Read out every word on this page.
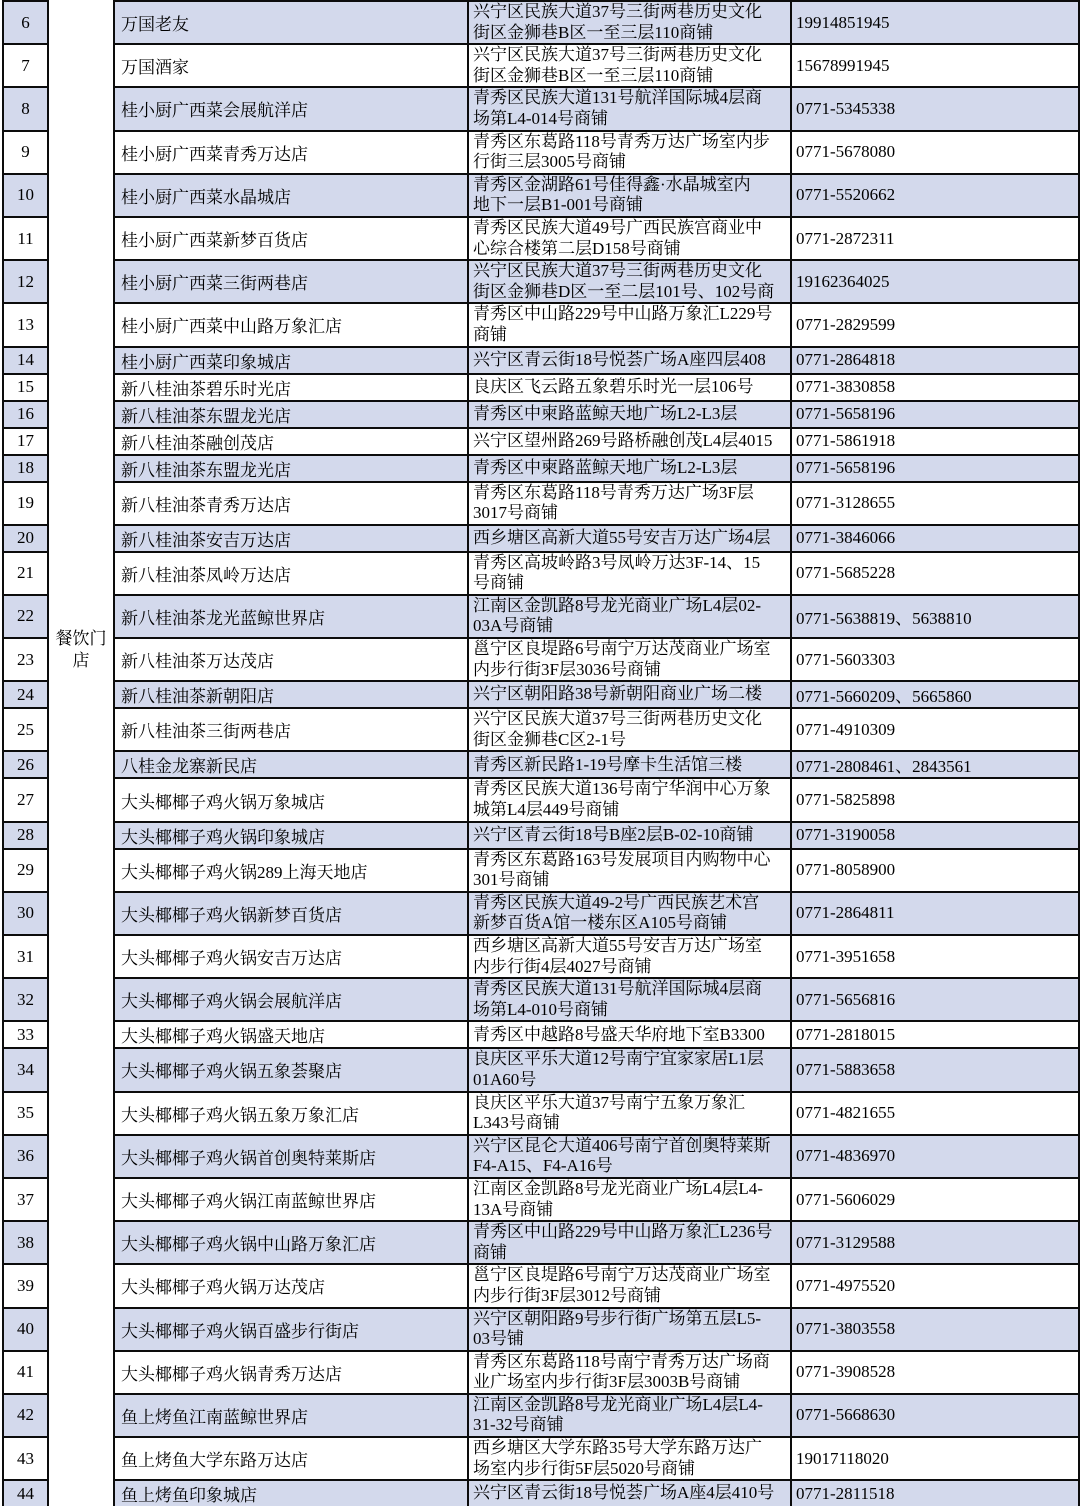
6	万国老友
兴宁区民族大道37号三街两巷历史文化
街区金狮巷B区一至三层110商铺
19914851945
7	万国酒家
兴宁区民族大道37号三街两巷历史文化
街区金狮巷B区一至三层110商铺
15678991945
8	桂小厨广西菜会展航洋店
青秀区民族大道131号航洋国际城4层商
场第L4-014号商铺
0771-5345338
9	桂小厨广西菜青秀万达店
青秀区东葛路118号青秀万达广场室内步
行街三层3005号商铺
0771-5678080
10	桂小厨广西菜水晶城店
青秀区金湖路61号佳得鑫·水晶城室内
地下一层B1-001号商铺
0771-5520662
11	桂小厨广西菜新梦百货店
青秀区民族大道49号广西民族宫商业中
心综合楼第二层D158号商铺
0771-2872311
12	桂小厨广西菜三街两巷店
兴宁区民族大道37号三街两巷历史文化
街区金狮巷D区一至二层101号、102号商
19162364025
13	桂小厨广西菜中山路万象汇店
青秀区中山路229号中山路万象汇L229号
商铺
0771-2829599
14	桂小厨广西菜印象城店	兴宁区青云街18号悦荟广场A座四层408	0771-2864818
15	新八桂油茶碧乐时光店	良庆区飞云路五象碧乐时光一层106号	0771-3830858
16	新八桂油茶东盟龙光店	青秀区中柬路蓝鲸天地广场L2-L3层	0771-5658196
17	新八桂油茶融创茂店	兴宁区望州路269号路桥融创茂L4层4015	0771-5861918
18	新八桂油茶东盟龙光店	青秀区中柬路蓝鲸天地广场L2-L3层	0771-5658196
19	新八桂油茶青秀万达店
青秀区东葛路118号青秀万达广场3F层
3017号商铺
0771-3128655
20	新八桂油茶安吉万达店	西乡塘区高新大道55号安吉万达广场4层	0771-3846066
21	新八桂油茶凤岭万达店
青秀区高坡岭路3号凤岭万达3F-14、15
号商铺
0771-5685228
22	新八桂油茶龙光蓝鲸世界店
江南区金凯路8号龙光商业广场L4层02-
03A号商铺	0771-5638819、5638810
23	新八桂油茶万达茂店
邕宁区良堤路6号南宁万达茂商业广场室
内步行街3F层3036号商铺
0771-5603303
24	新八桂油茶新朝阳店	兴宁区朝阳路38号新朝阳商业广场二楼	0771-5660209、5665860
25	新八桂油茶三街两巷店
兴宁区民族大道37号三街两巷历史文化
街区金狮巷C区2-1号
0771-4910309
26	八桂金龙寨新民店	青秀区新民路1-19号摩卡生活馆三楼	0771-2808461、2843561
27	大头椰椰子鸡火锅万象城店
青秀区民族大道136号南宁华润中心万象
城第L4层449号商铺
0771-5825898
28	大头椰椰子鸡火锅印象城店	兴宁区青云街18号B座2层B-02-10商铺	0771-3190058
29	大头椰椰子鸡火锅289上海天地店
青秀区东葛路163号发展项目内购物中心
301号商铺
0771-8058900
30	大头椰椰子鸡火锅新梦百货店
青秀区民族大道49-2号广西民族艺术宫
新梦百货A馆一楼东区A105号商铺
0771-2864811
31	大头椰椰子鸡火锅安吉万达店
西乡塘区高新大道55号安吉万达广场室
内步行街4层4027号商铺
0771-3951658
32	大头椰椰子鸡火锅会展航洋店
青秀区民族大道131号航洋国际城4层商
场第L4-010号商铺
0771-5656816
33	大头椰椰子鸡火锅盛天地店	青秀区中越路8号盛天华府地下室B3300	0771-2818015
34	大头椰椰子鸡火锅五象荟聚店
良庆区平乐大道12号南宁宜家家居L1层
01A60号
0771-5883658
35	大头椰椰子鸡火锅五象万象汇店
良庆区平乐大道37号南宁五象万象汇
L343号商铺
0771-4821655
36	大头椰椰子鸡火锅首创奥特莱斯店
兴宁区昆仑大道406号南宁首创奥特莱斯
F4-A15、F4-A16号
0771-4836970
37	大头椰椰子鸡火锅江南蓝鲸世界店
江南区金凯路8号龙光商业广场L4层L4-
13A号商铺
0771-5606029
38	大头椰椰子鸡火锅中山路万象汇店
青秀区中山路229号中山路万象汇L236号
商铺
0771-3129588
39	大头椰椰子鸡火锅万达茂店
邕宁区良堤路6号南宁万达茂商业广场室
内步行街3F层3012号商铺
0771-4975520
40	大头椰椰子鸡火锅百盛步行街店
兴宁区朝阳路9号步行街广场第五层L5-
03号铺
0771-3803558
41	大头椰椰子鸡火锅青秀万达店
青秀区东葛路118号南宁青秀万达广场商
业广场室内步行街3F层3003B号商铺
0771-3908528
42	鱼上烤鱼江南蓝鲸世界店
江南区金凯路8号龙光商业广场L4层L4-
31-32号商铺
0771-5668630
43	鱼上烤鱼大学东路万达店
西乡塘区大学东路35号大学东路万达广
场室内步行街5F层5020号商铺
19017118020
44	鱼上烤鱼印象城店	兴宁区青云街18号悦荟广场A座4层410号	0771-2811518
餐饮门店
